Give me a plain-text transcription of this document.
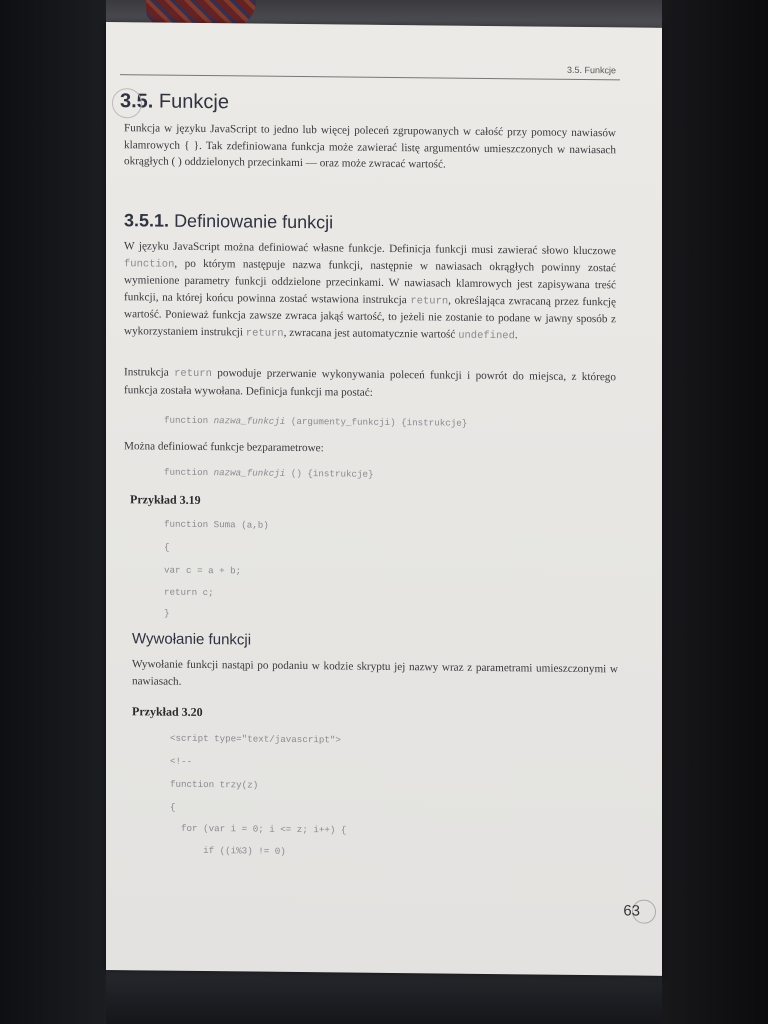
3.5. Funkcje
3.5. Funkcje
Funkcja w języku JavaScript to jedno lub więcej poleceń zgrupowanych w całość przy pomocy nawiasów klamrowych { }. Tak zdefiniowana funkcja może zawierać listę argumentów umieszczonych w nawiasach okrągłych ( ) oddzielonych przecinkami — oraz może zwracać wartość.
3.5.1. Definiowanie funkcji
W języku JavaScript można definiować własne funkcje. Definicja funkcji musi zawierać słowo kluczowe function, po którym następuje nazwa funkcji, następnie w nawiasach okrągłych powinny zostać wymienione parametry funkcji oddzielone przecinkami. W nawiasach klamrowych jest zapisywana treść funkcji, na której końcu powinna zostać wstawiona instrukcja return, określająca zwracaną przez funkcję wartość. Ponieważ funkcja zawsze zwraca jakąś wartość, to jeżeli nie zostanie to podane w jawny sposób z wykorzystaniem instrukcji return, zwracana jest automatycznie wartość undefined.
Instrukcja return powoduje przerwanie wykonywania poleceń funkcji i powrót do miejsca, z którego funkcja została wywołana. Definicja funkcji ma postać:
function nazwa_funkcji (argumenty_funkcji) {instrukcje}
Można definiować funkcje bezparametrowe:
function nazwa_funkcji () {instrukcje}
Przykład 3.19
function Suma (a,b)
{
var c = a + b;
return c;
}
Wywołanie funkcji
Wywołanie funkcji nastąpi po podaniu w kodzie skryptu jej nazwy wraz z parametrami umieszczonymi w nawiasach.
Przykład 3.20
<script type="text/javascript">
<!--
function trzy(z)
{
for (var i = 0; i <= z; i++) {
if ((i%3) != 0)
63
